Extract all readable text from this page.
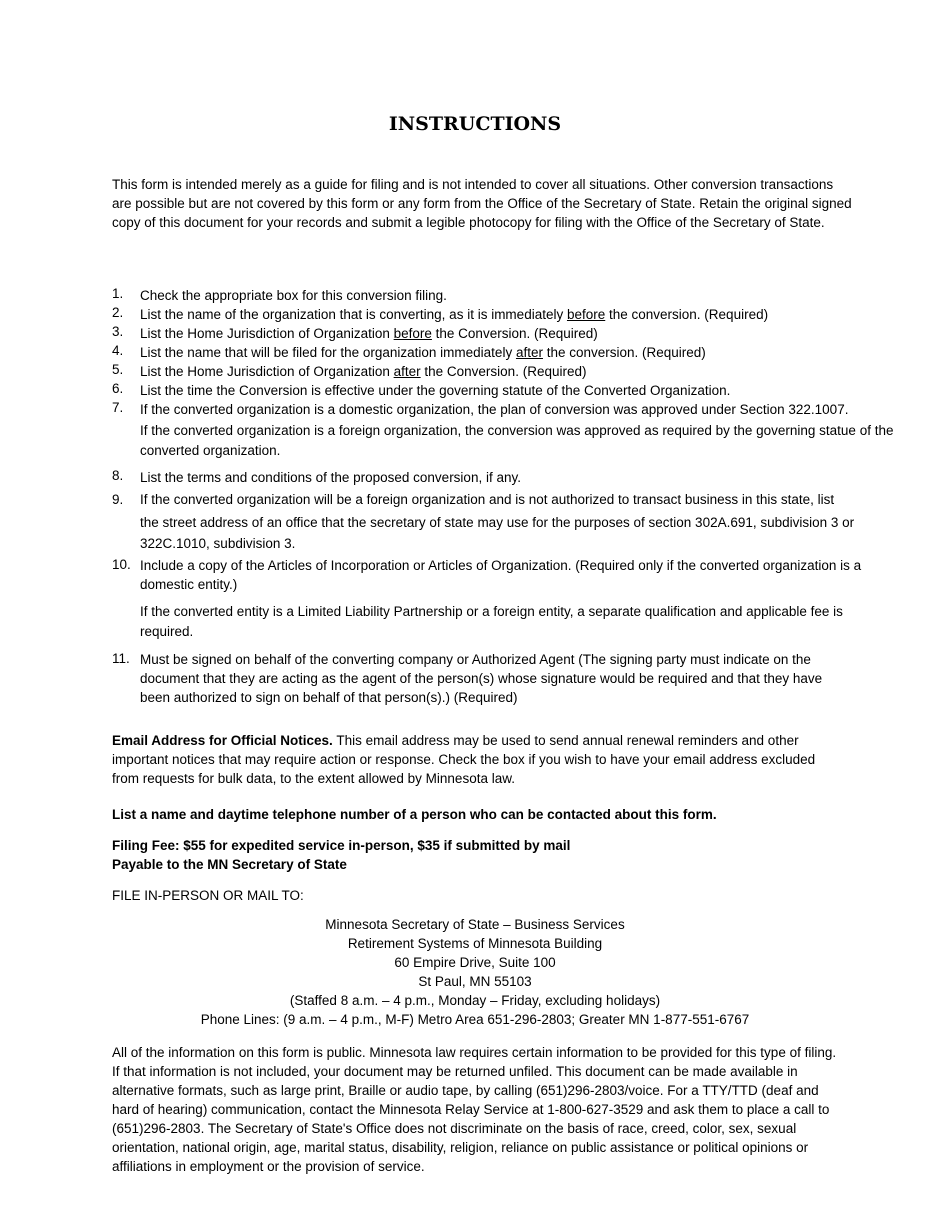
INSTRUCTIONS
This form is intended merely as a guide for filing and is not intended to cover all situations. Other conversion transactions are possible but are not covered by this form or any form from the Office of the Secretary of State. Retain the original signed copy of this document for your records and submit a legible photocopy for filing with the Office of the Secretary of State.
1. Check the appropriate box for this conversion filing.
2. List the name of the organization that is converting, as it is immediately before the conversion. (Required)
3. List the Home Jurisdiction of Organization before the Conversion. (Required)
4. List the name that will be filed for the organization immediately after the conversion. (Required)
5. List the Home Jurisdiction of Organization after the Conversion. (Required)
6. List the time the Conversion is effective under the governing statute of the Converted Organization.
7. If the converted organization is a domestic organization, the plan of conversion was approved under Section 322.1007.
If the converted organization is a foreign organization, the conversion was approved as required by the governing statue of the converted organization.
8. List the terms and conditions of the proposed conversion, if any.
9. If the converted organization will be a foreign organization and is not authorized to transact business in this state, list
the street address of an office that the secretary of state may use for the purposes of section 302A.691, subdivision 3 or 322C.1010, subdivision 3.
10. Include a copy of the Articles of Incorporation or Articles of Organization. (Required only if the converted organization is a domestic entity.)
If the converted entity is a Limited Liability Partnership or a foreign entity, a separate qualification and applicable fee is required.
11. Must be signed on behalf of the converting company or Authorized Agent (The signing party must indicate on the document that they are acting as the agent of the person(s) whose signature would be required and that they have been authorized to sign on behalf of that person(s).) (Required)
Email Address for Official Notices. This email address may be used to send annual renewal reminders and other important notices that may require action or response. Check the box if you wish to have your email address excluded from requests for bulk data, to the extent allowed by Minnesota law.
List a name and daytime telephone number of a person who can be contacted about this form.
Filing Fee: $55 for expedited service in-person, $35 if submitted by mail
Payable to the MN Secretary of State
FILE IN-PERSON OR MAIL TO:
Minnesota Secretary of State – Business Services
Retirement Systems of Minnesota Building
60 Empire Drive, Suite 100
St Paul, MN 55103
(Staffed 8 a.m. – 4 p.m., Monday – Friday, excluding holidays)
Phone Lines: (9 a.m. – 4 p.m., M-F) Metro Area 651-296-2803; Greater MN 1-877-551-6767
All of the information on this form is public. Minnesota law requires certain information to be provided for this type of filing. If that information is not included, your document may be returned unfiled. This document can be made available in alternative formats, such as large print, Braille or audio tape, by calling (651)296-2803/voice. For a TTY/TTD (deaf and hard of hearing) communication, contact the Minnesota Relay Service at 1-800-627-3529 and ask them to place a call to (651)296-2803. The Secretary of State's Office does not discriminate on the basis of race, creed, color, sex, sexual orientation, national origin, age, marital status, disability, religion, reliance on public assistance or political opinions or affiliations in employment or the provision of service.
